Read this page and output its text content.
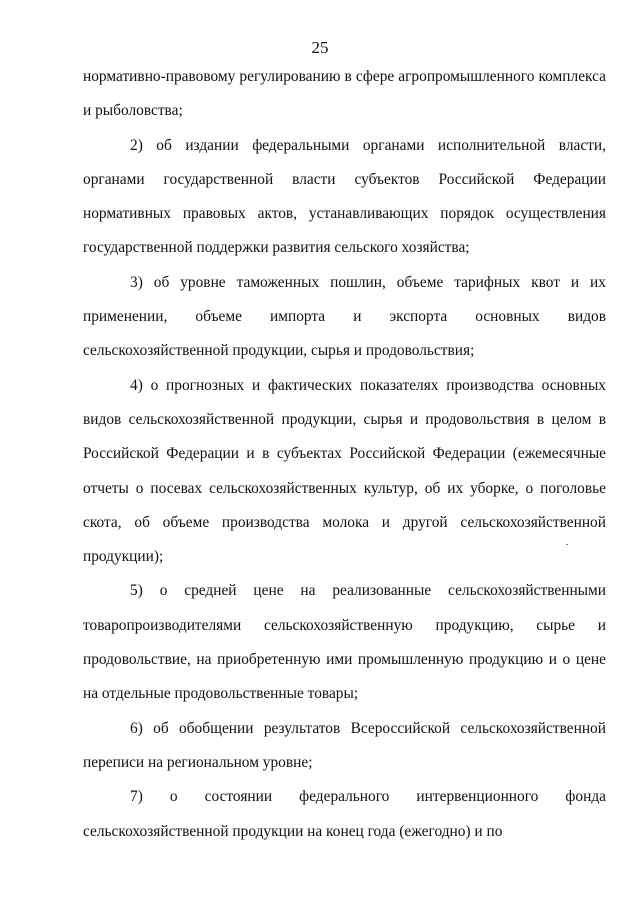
25

нормативно-правовому регулированию в сфере агропромышленного комплекса и рыболовства;

2) об издании федеральными органами исполнительной власти, органами государственной власти субъектов Российской Федерации нормативных правовых актов, устанавливающих порядок осуществления государственной поддержки развития сельского хозяйства;

3) об уровне таможенных пошлин, объеме тарифных квот и их применении, объеме импорта и экспорта основных видов сельскохозяйственной продукции, сырья и продовольствия;

4) о прогнозных и фактических показателях производства основных видов сельскохозяйственной продукции, сырья и продовольствия в целом в Российской Федерации и в субъектах Российской Федерации (ежемесячные отчеты о посевах сельскохозяйственных культур, об их уборке, о поголовье скота, об объеме производства молока и другой сельскохозяйственной продукции);

5) о средней цене на реализованные сельскохозяйственными товаропроизводителями сельскохозяйственную продукцию, сырье и продовольствие, на приобретенную ими промышленную продукцию и о цене на отдельные продовольственные товары;

6) об обобщении результатов Всероссийской сельскохозяйственной переписи на региональном уровне;

7) о состоянии федерального интервенционного фонда сельскохозяйственной продукции на конец года (ежегодно) и по
